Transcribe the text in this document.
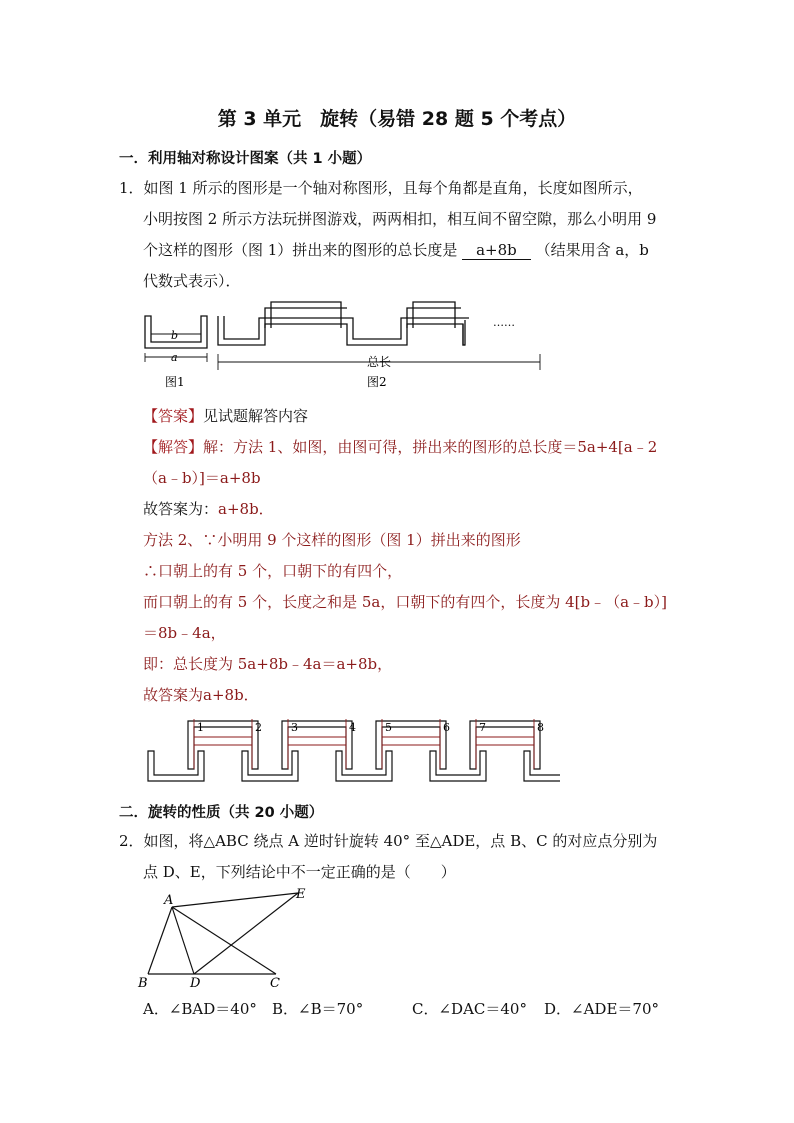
第 3 单元　旋转（易错 28 题 5 个考点）
一．利用轴对称设计图案（共 1 小题）
1．如图 1 所示的图形是一个轴对称图形，且每个角都是直角，长度如图所示，
小明按图 2 所示方法玩拼图游戏，两两相扣，相互间不留空隙，那么小明用 9
个这样的图形（图 1）拼出来的图形的总长度是 a+8b （结果用含 a，b
代数式表示）．
b
a
图1
总长
图2
……
【答案】见试题解答内容
【解答】解：方法 1、如图，由图可得，拼出来的图形的总长度＝5a+4[a﹣2
（a﹣b）]＝a+8b
故答案为：a+8b．
方法 2、∵小明用 9 个这样的图形（图 1）拼出来的图形
∴口朝上的有 5 个，口朝下的有四个，
而口朝上的有 5 个，长度之和是 5a，口朝下的有四个，长度为 4[b﹣（a﹣b）]
＝8b﹣4a，
即：总长度为 5a+8b﹣4a＝a+8b，
故答案为a+8b．
1	2	3	4	5	6	7	8
二．旋转的性质（共 20 小题）
2．如图，将△ABC 绕点 A 逆时针旋转 40° 至△ADE，点 B、C 的对应点分别为
点 D、E，下列结论中不一定正确的是（　　）
A
B	D	C
E
A．∠BAD＝40° B．∠B＝70°	C．∠DAC＝40° D．∠ADE＝70°
